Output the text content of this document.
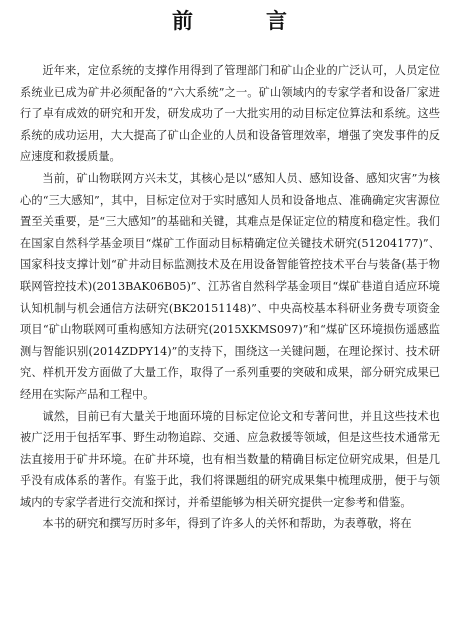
前　言

近年来，定位系统的支撑作用得到了管理部门和矿山企业的广泛认可，人员定位系统业已成为矿井必须配备的“六大系统”之一。矿山领域内的专家学者和设备厂家进行了卓有成效的研究和开发，研发成功了一大批实用的动目标定位算法和系统。这些系统的成功运用，大大提高了矿山企业的人员和设备管理效率，增强了突发事件的反应速度和救援质量。

当前，矿山物联网方兴未艾，其核心是以“感知人员、感知设备、感知灾害”为核心的“三大感知”，其中，目标定位对于实时感知人员和设备地点、准确确定灾害源位置至关重要，是“三大感知”的基础和关键，其难点是保证定位的精度和稳定性。我们在国家自然科学基金项目“煤矿工作面动目标精确定位关键技术研究(51204177)”、国家科技支撑计划“矿井动目标监测技术及在用设备智能管控技术平台与装备(基于物联网管控技术)(2013BAK06B05)”、江苏省自然科学基金项目“煤矿巷道自适应环境认知机制与机会通信方法研究(BK20151148)”、中央高校基本科研业务费专项资金项目“矿山物联网可重构感知方法研究(2015XKMS097)”和“煤矿区环境损伤遥感监测与智能识别(2014ZDPY14)”的支持下，围绕这一关键问题，在理论探讨、技术研究、样机开发方面做了大量工作，取得了一系列重要的突破和成果，部分研究成果已经用在实际产品和工程中。

诚然，目前已有大量关于地面环境的目标定位论文和专著问世，并且这些技术也被广泛用于包括军事、野生动物追踪、交通、应急救援等领域，但是这些技术通常无法直接用于矿井环境。在矿井环境，也有相当数量的精确目标定位研究成果，但是几乎没有成体系的著作。有鉴于此，我们将课题组的研究成果集中梳理成册，便于与领域内的专家学者进行交流和探讨，并希望能够为相关研究提供一定参考和借鉴。

本书的研究和撰写历时多年，得到了许多人的关怀和帮助，为表尊敬，将在
